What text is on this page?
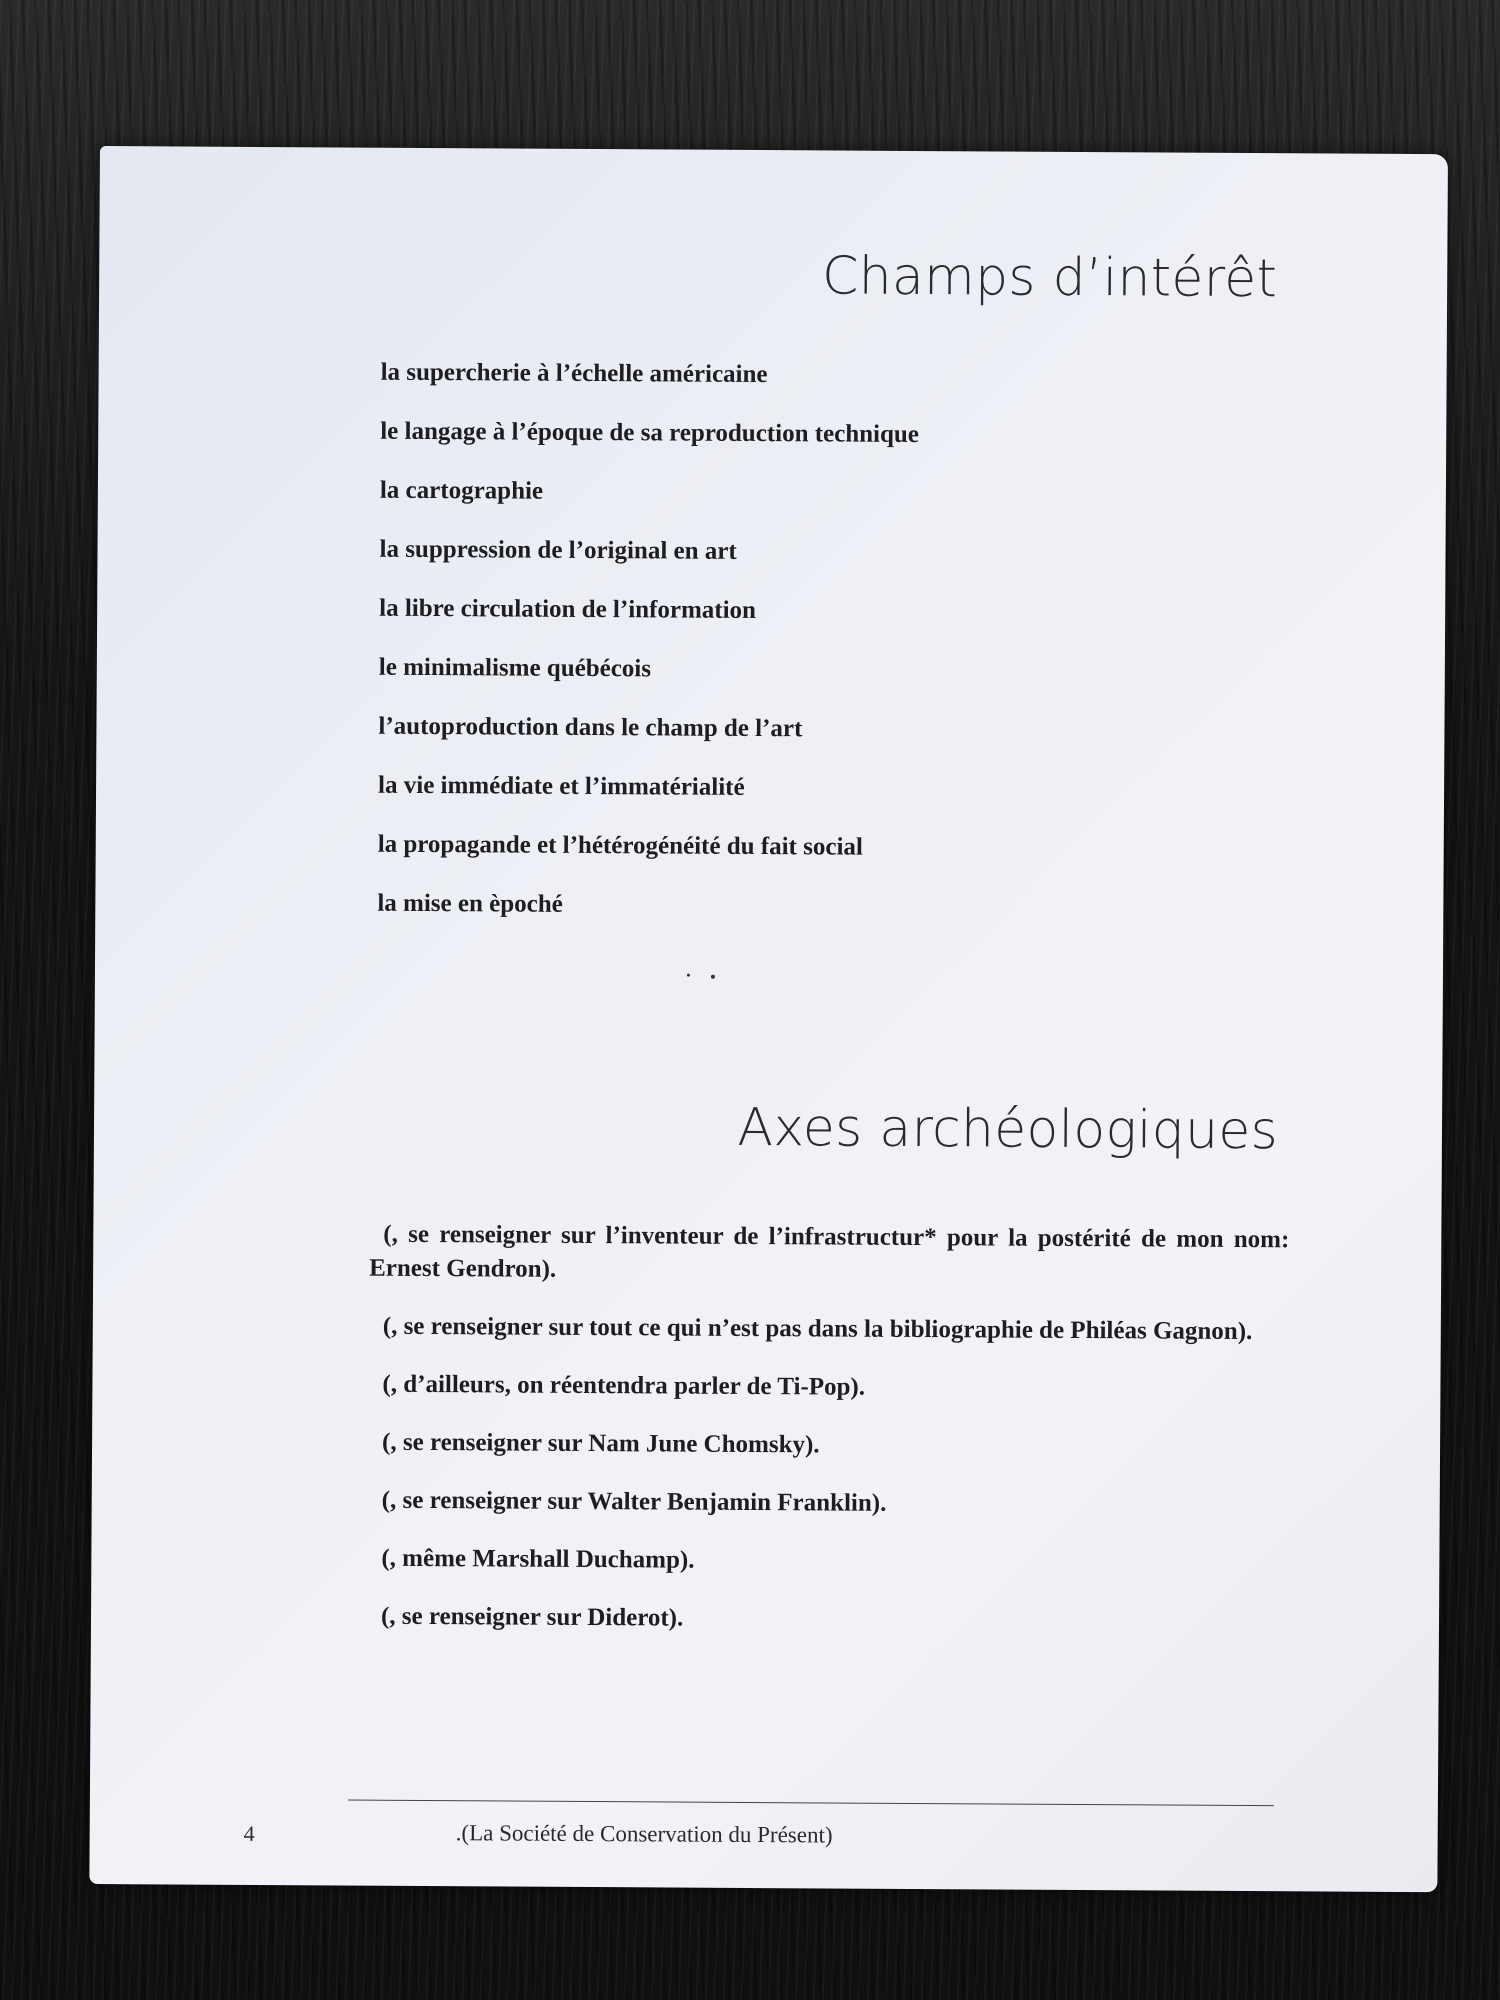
Champs d’intérêt
la supercherie à l’échelle américaine
le langage à l’époque de sa reproduction technique
la cartographie
la suppression de l’original en art
la libre circulation de l’information
le minimalisme québécois
l’autoproduction dans le champ de l’art
la vie immédiate et l’immatérialité
la propagande et l’hétérogénéité du fait social
la mise en èpoché
Axes archéologiques
(, se renseigner sur l’inventeur de l’infrastructur* pour la postérité de mon nom: Ernest Gendron).
(, se renseigner sur tout ce qui n’est pas dans la bibliographie de Philéas Gagnon).
(, d’ailleurs, on réentendra parler de Ti-Pop).
(, se renseigner sur Nam June Chomsky).
(, se renseigner sur Walter Benjamin Franklin).
(, même Marshall Duchamp).
(, se renseigner sur Diderot).
4	.(La Société de Conservation du Présent)
